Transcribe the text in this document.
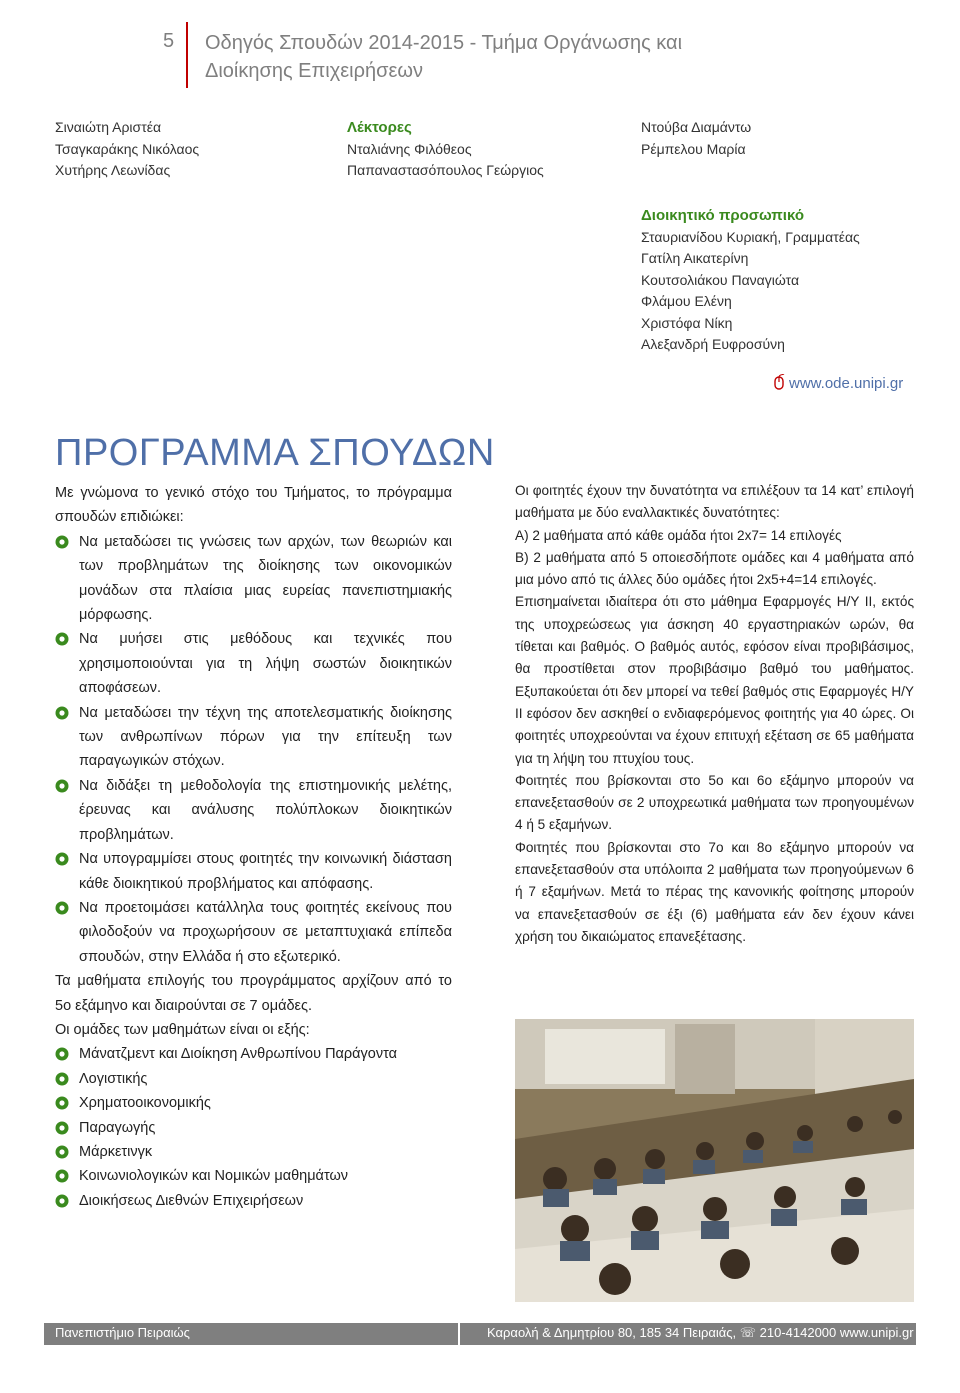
5 Οδηγός Σπουδών 2014-2015 - Τμήμα Οργάνωσης και
Διοίκησης Επιχειρήσεων
Σιναιώτη Αριστέα
Τσαγκαράκης Νικόλαος
Χυτήρης Λεωνίδας
Λέκτορες
Νταλιάνης Φιλόθεος
Παπαναστασόπουλος Γεώργιος
Ντούβα Διαμάντω
Ρέμπελου Μαρία
Διοικητικό προσωπικό
Σταυριανίδου Κυριακή, Γραμματέας
Γατίλη Αικατερίνη
Κουτσολιάκου Παναγιώτα
Φλάμου Ελένη
Χριστόφα Νίκη
Αλεξανδρή Ευφροσύνη
www.ode.unipi.gr
ΠΡΟΓΡΑΜΜΑ ΣΠΟΥΔΩΝ

Με γνώμονα το γενικό στόχο του Τμήματος, το πρόγραμμα σπουδών επιδιώκει:

Να μεταδώσει τις γνώσεις των αρχών, των θεωριών και των προβλημάτων της διοίκησης των οικονομικών μονάδων στα πλαίσια μιας ευρείας πανεπιστημιακής μόρφωσης.
Να μυήσει στις μεθόδους και τεχνικές που χρησιμοποιούνται για τη λήψη σωστών διοικητικών αποφάσεων.
Να μεταδώσει την τέχνη της αποτελεσματικής διοίκησης των ανθρωπίνων πόρων για την επίτευξη των παραγωγικών στόχων.
Να διδάξει τη μεθοδολογία της επιστημονικής μελέτης, έρευνας και ανάλυσης πολύπλοκων διοικητικών προβλημάτων.
Να υπογραμμίσει στους φοιτητές την κοινωνική διάσταση κάθε διοικητικού προβλήματος και απόφασης.
Να προετοιμάσει κατάλληλα τους φοιτητές εκείνους που φιλοδοξούν να προχωρήσουν σε μεταπτυχιακά επίπεδα σπουδών, στην Ελλάδα ή στο εξωτερικό.

Τα μαθήματα επιλογής του προγράμματος αρχίζουν από το 5ο εξάμηνο και διαιρούνται σε 7 ομάδες.

Οι ομάδες των μαθημάτων είναι οι εξής:

Μάνατζμεντ και Διοίκηση Ανθρωπίνου Παράγοντα
Λογιστικής
Χρηματοοικονομικής
Παραγωγής
Μάρκετινγκ
Κοινωνιολογικών και Νομικών μαθημάτων
Διοικήσεως Διεθνών Επιχειρήσεων

Οι φοιτητές έχουν την δυνατότητα να επιλέξουν τα 14 κατ’ επιλογή μαθήματα με δύο εναλλακτικές δυνατότητες:

Α) 2 μαθήματα από κάθε ομάδα ήτοι 2x7= 14 επιλογές

Β) 2 μαθήματα από 5 οποιεσδήποτε ομάδες και 4 μαθήματα από μια μόνο από τις άλλες δύο ομάδες ήτοι 2x5+4=14 επιλογές.

Επισημαίνεται ιδιαίτερα ότι στο μάθημα Εφαρμογές Η/Υ ΙΙ, εκτός της υποχρεώσεως για άσκηση 40 εργαστηριακών ωρών, θα τίθεται και βαθμός. Ο βαθμός αυτός, εφόσον είναι προβιβάσιμος, θα προστίθεται στον προβιβάσιμο βαθμό του μαθήματος. Εξυπακούεται ότι δεν μπορεί να τεθεί βαθμός στις Εφαρμογές Η/Υ ΙΙ εφόσον δεν ασκηθεί ο ενδιαφερόμενος φοιτητής για 40 ώρες. Οι φοιτητές υποχρεούνται να έχουν επιτυχή εξέταση σε 65 μαθήματα για τη λήψη του πτυχίου τους.

Φοιτητές που βρίσκονται στο 5ο και 6ο εξάμηνο μπορούν να επανεξετασθούν σε 2 υποχρεωτικά μαθήματα των προηγουμένων 4 ή 5 εξαμήνων.

Φοιτητές που βρίσκονται στο 7ο και 8ο εξάμηνο μπορούν να επανεξετασθούν στα υπόλοιπα 2 μαθήματα των προηγούμενων 6 ή 7 εξαμήνων. Μετά το πέρας της κανονικής φοίτησης μπορούν να επανεξετασθούν σε έξι (6) μαθήματα εάν δεν έχουν κάνει χρήση του δικαιώματος επανεξέτασης.

Πανεπιστήμιο Πειραιώς	Καραολή & Δημητρίου 80, 185 34 Πειραιάς, ☏ 210-4142000 www.unipi.gr
